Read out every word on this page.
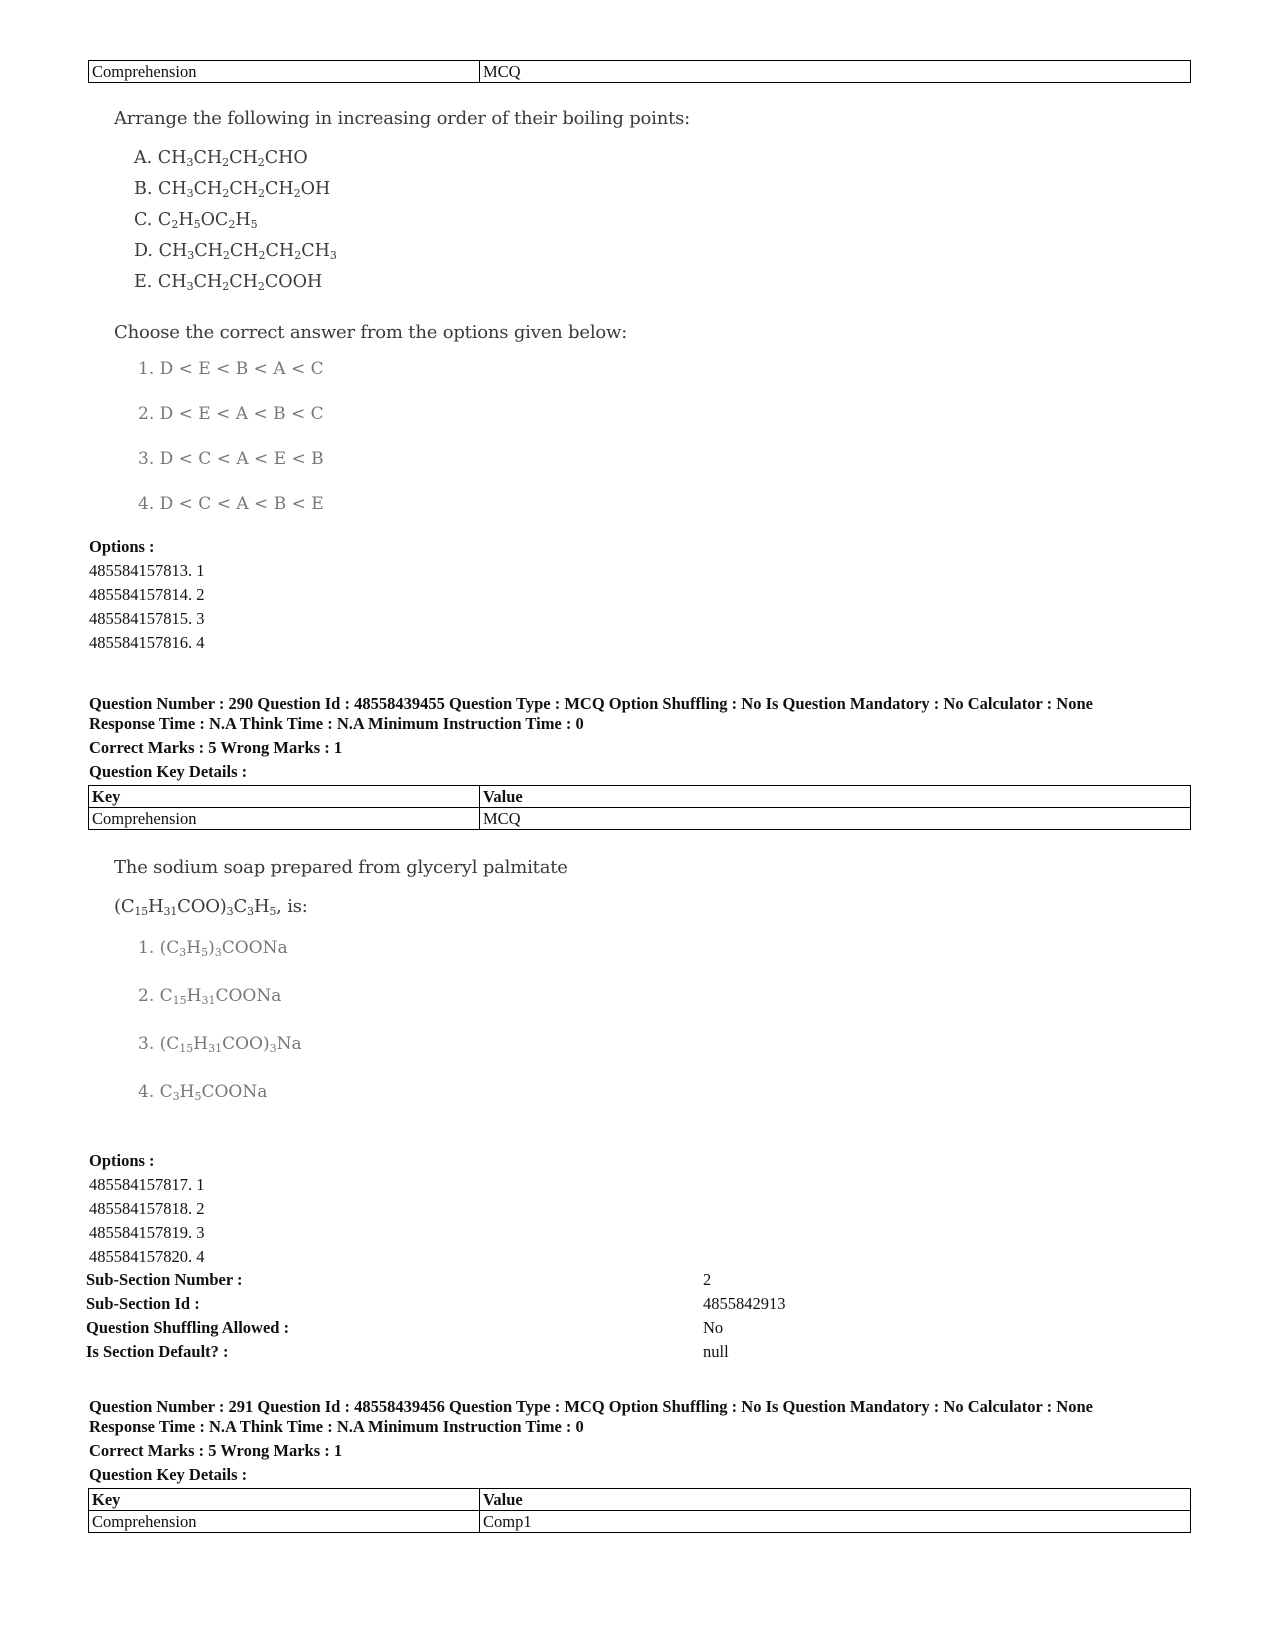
Comprehension	MCQ
Arrange the following in increasing order of their boiling points:
A. $CH_3CH_2CH_2CHO$
B. $CH_3CH_2CH_2CH_2OH$
C. $C_2H_5OC_2H_5$
D. $CH_3CH_2CH_2CH_2CH_3$
E. $CH_3CH_2CH_2COOH$
Choose the correct answer from the options given below:
1. D < E < B < A < C
2. D < E < A < B < C
3. D < C < A < E < B
4. D < C < A < B < E
Options :
485584157813. 1
485584157814. 2
485584157815. 3
485584157816. 4
Question Number : 290 Question Id : 48558439455 Question Type : MCQ Option Shuffling : No Is Question Mandatory : No Calculator : None
Response Time : N.A Think Time : N.A Minimum Instruction Time : 0
Correct Marks : 5 Wrong Marks : 1
Question Key Details :
Key	Value
Comprehension	MCQ
The sodium soap prepared from glyceryl palmitate
$(C_{15}H_{31}COO)_3C_3H_5$, is:
1. $(C_3H_5)_3COONa$
2. $C_{15}H_{31}COONa$
3. $(C_{15}H_{31}COO)_3Na$
4. $C_3H_5COONa$
Options :
485584157817. 1
485584157818. 2
485584157819. 3
485584157820. 4
Sub-Section Number :	2
Sub-Section Id :	4855842913
Question Shuffling Allowed :	No
Is Section Default? :	null
Question Number : 291 Question Id : 48558439456 Question Type : MCQ Option Shuffling : No Is Question Mandatory : No Calculator : None
Response Time : N.A Think Time : N.A Minimum Instruction Time : 0
Correct Marks : 5 Wrong Marks : 1
Question Key Details :
Key	Value
Comprehension	Comp1
